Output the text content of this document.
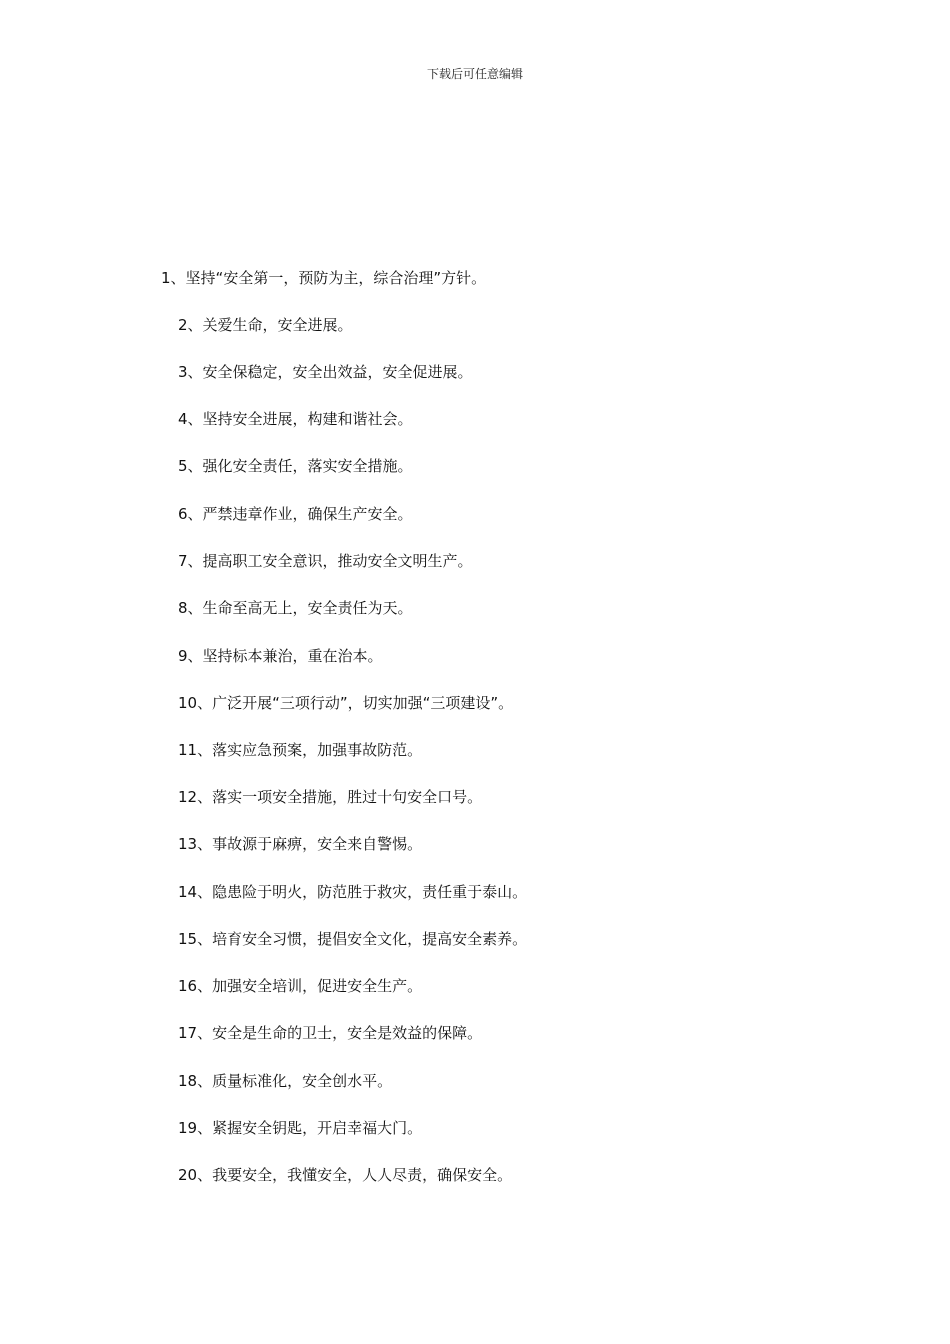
下载后可任意编辑
1、坚持“安全第一，预防为主，综合治理”方针。
2、关爱生命，安全进展。
3、安全保稳定，安全出效益，安全促进展。
4、坚持安全进展，构建和谐社会。
5、强化安全责任，落实安全措施。
6、严禁违章作业，确保生产安全。
7、提高职工安全意识，推动安全文明生产。
8、生命至高无上，安全责任为天。
9、坚持标本兼治，重在治本。
10、广泛开展“三项行动”，切实加强“三项建设”。
11、落实应急预案，加强事故防范。
12、落实一项安全措施，胜过十句安全口号。
13、事故源于麻痹，安全来自警惕。
14、隐患险于明火，防范胜于救灾，责任重于泰山。
15、培育安全习惯，提倡安全文化，提高安全素养。
16、加强安全培训，促进安全生产。
17、安全是生命的卫士，安全是效益的保障。
18、质量标准化，安全创水平。
19、紧握安全钥匙，开启幸福大门。
20、我要安全，我懂安全，人人尽责，确保安全。
